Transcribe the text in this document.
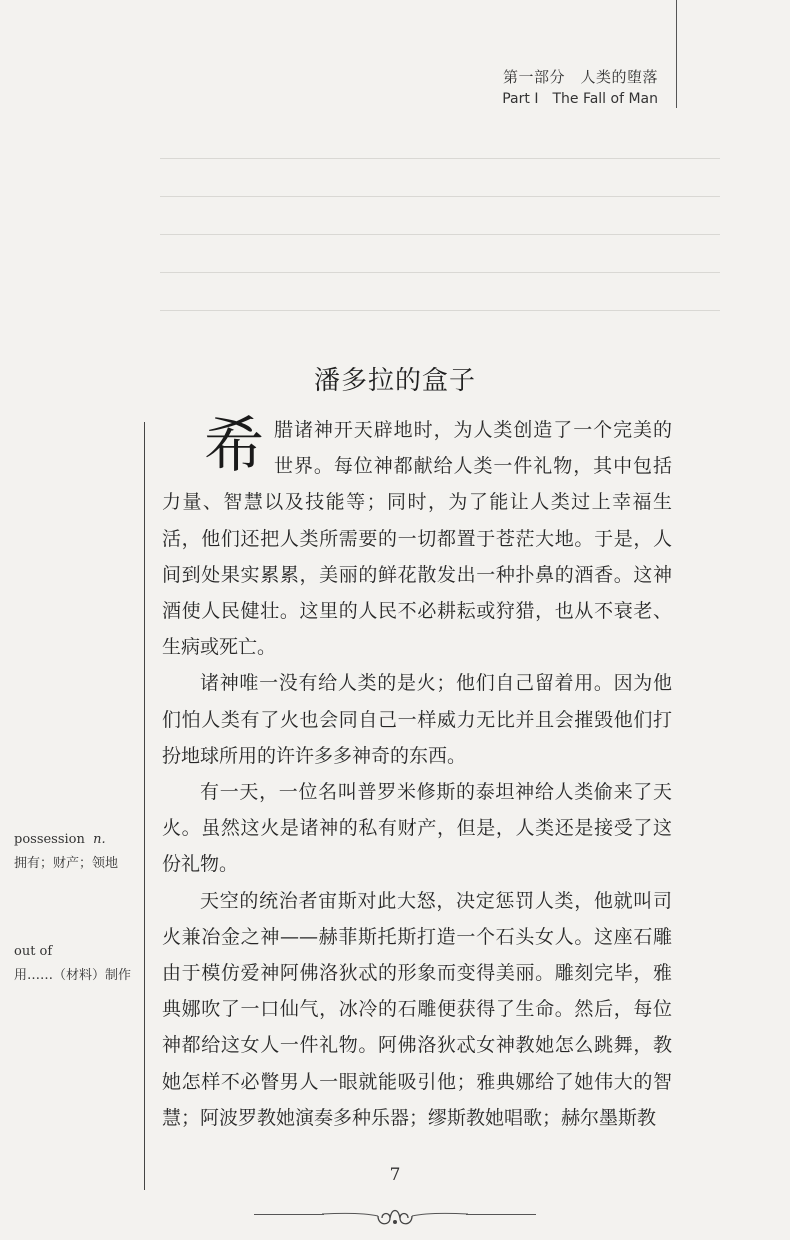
第一部分　人类的堕落
Part Ⅰ　The Fall of Man
潘多拉的盒子

希腊诸神开天辟地时，为人类创造了一个完美的世界。每位神都献给人类一件礼物，其中包括力量、智慧以及技能等；同时，为了能让人类过上幸福生活，他们还把人类所需要的一切都置于苍茫大地。于是，人间到处果实累累，美丽的鲜花散发出一种扑鼻的酒香。这神酒使人民健壮。这里的人民不必耕耘或狩猎，也从不衰老、生病或死亡。

诸神唯一没有给人类的是火；他们自己留着用。因为他们怕人类有了火也会同自己一样威力无比并且会摧毁他们打扮地球所用的许许多多神奇的东西。

有一天，一位名叫普罗米修斯的泰坦神给人类偷来了天火。虽然这火是诸神的私有财产，但是，人类还是接受了这份礼物。

天空的统治者宙斯对此大怒，决定惩罚人类，他就叫司火兼冶金之神——赫菲斯托斯打造一个石头女人。这座石雕由于模仿爱神阿佛洛狄忒的形象而变得美丽。雕刻完毕，雅典娜吹了一口仙气，冰冷的石雕便获得了生命。然后，每位神都给这女人一件礼物。阿佛洛狄忒女神教她怎么跳舞，教她怎样不必瞥男人一眼就能吸引他；雅典娜给了她伟大的智慧；阿波罗教她演奏多种乐器；缪斯教她唱歌；赫尔墨斯教

possession n.
拥有；财产；领地
out of
用……（材料）制作
7
